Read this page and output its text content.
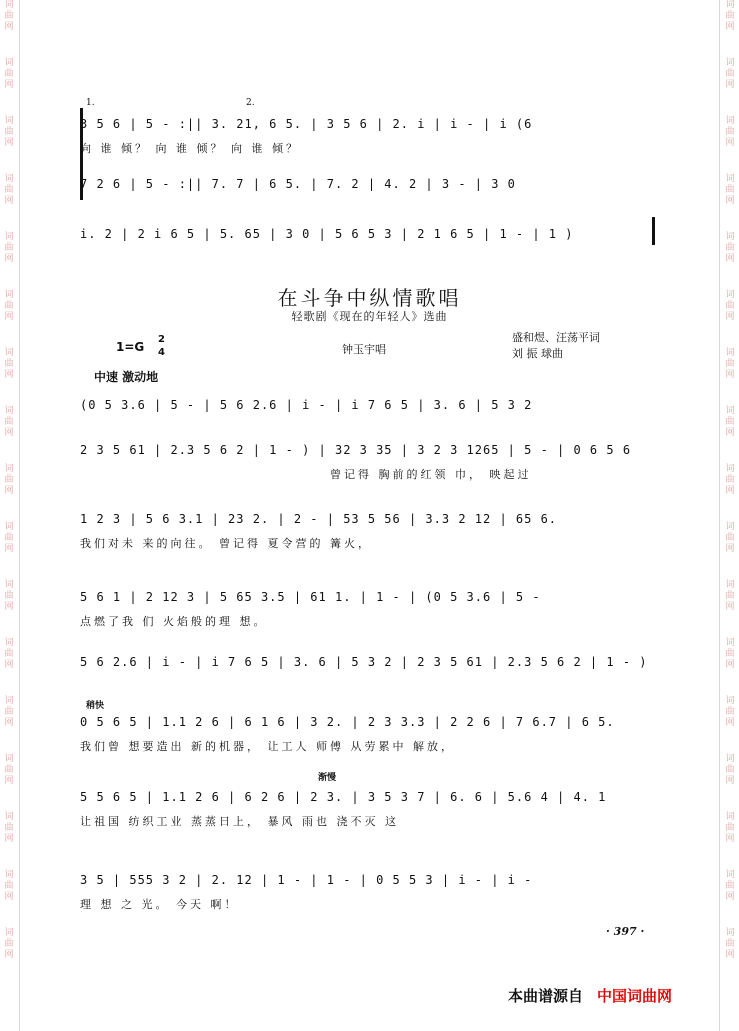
词
曲
网
词
曲
网
词
曲
网
词
曲
网
词
曲
网
词
曲
网
词
曲
网
词
曲
网
词
曲
网
词
曲
网
词
曲
网
词
曲
网
词
曲
网
词
曲
网
词
曲
网
词
曲
网
词
曲
网
词
曲
网
词
曲
网
词
曲
网
词
曲
网
词
曲
网
词
曲
网
词
曲
网
词
曲
网
词
曲
网
词
曲
网
词
曲
网
词
曲
网
词
曲
网
词
曲
网
词
曲
网
词
曲
网
词
曲
网
1.	2.
3 5 6 | 5 - :|| 3. 21, 6 5. | 3 5 6 | 2. i | i - | i (6
向 谁 倾？ 向 谁 倾？ 向 谁 倾？
7 2 6 | 5 - :|| 7. 7 | 6 5. | 7. 2 | 4. 2 | 3 - | 3 0
i. 2 | 2 i 6 5 | 5. 65 | 3 0 | 5 6 5 3 | 2 1 6 5 | 1 - | 1 )
在斗争中纵情歌唱
轻歌剧《现在的年轻人》选曲
1=G
2
4	钟玉宇唱
盛和煜、汪荡平词
刘 振 球曲
中速 激动地
(0 5 3.6 | 5 - | 5 6 2.6 | i - | i 7 6 5 | 3. 6 | 5 3 2
2 3 5 61 | 2.3 5 6 2 | 1 - ) | 32 3 35 | 3 2 3 1265 | 5 - | 0 6 5 6
曾记得 胸前的红领 巾， 映起过
1 2 3 | 5 6 3.1 | 23 2. | 2 - | 53 5 56 | 3.3 2 12 | 65 6.
我们对未 来的向往。 曾记得 夏令营的 篝火，
5 6 1 | 2 12 3 | 5 65 3.5 | 61 1. | 1 - | (0 5 3.6 | 5 -
点燃了我 们 火焰般的理 想。
5 6 2.6 | i - | i 7 6 5 | 3. 6 | 5 3 2 | 2 3 5 61 | 2.3 5 6 2 | 1 - )
稍快
0 5 6 5 | 1.1 2 6 | 6 1 6 | 3 2. | 2 3 3.3 | 2 2 6 | 7 6.7 | 6 5.
我们曾 想要造出 新的机器， 让工人 师傅 从劳累中 解放，
渐慢
5 5 6 5 | 1.1 2 6 | 6 2 6 | 2 3. | 3 5 3 7 | 6. 6 | 5.6 4 | 4. 1
让祖国 纺织工业 蒸蒸日上， 暴风 雨也 浇不灭 这
3 5 | 555 3 2 | 2. 12 | 1 - | 1 - | 0 5 5 3 | i - | i -
理 想 之 光。 今天 啊！
· 397 ·
本曲谱源自 中国词曲网
